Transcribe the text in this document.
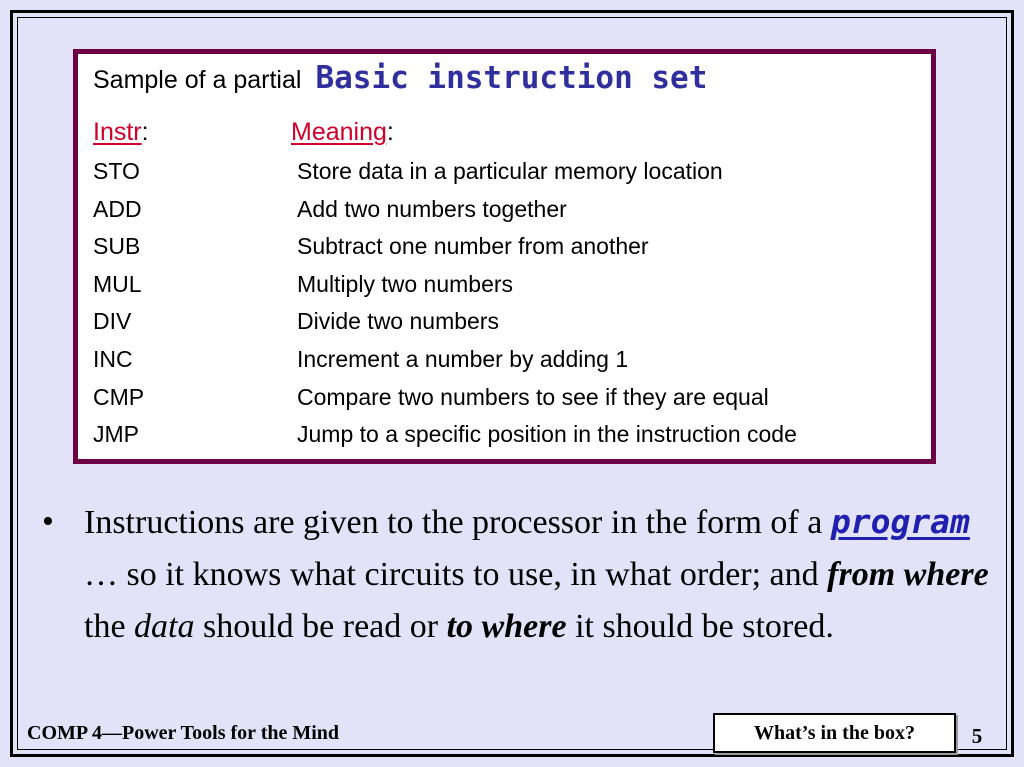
Sample of a partial Basic instruction set
Instr:	Meaning:
STO	Store data in a particular memory location
ADD	Add two numbers together
SUB	Subtract one number from another
MUL	Multiply two numbers
DIV	Divide two numbers
INC	Increment a number by adding 1
CMP	Compare two numbers to see if they are equal
JMP	Jump to a specific position in the instruction code
• Instructions are given to the processor in the form of a program … so it knows what circuits to use, in what order; and from where the data should be read or to where it should be stored.
COMP 4—Power Tools for the Mind	What’s in the box?	5
